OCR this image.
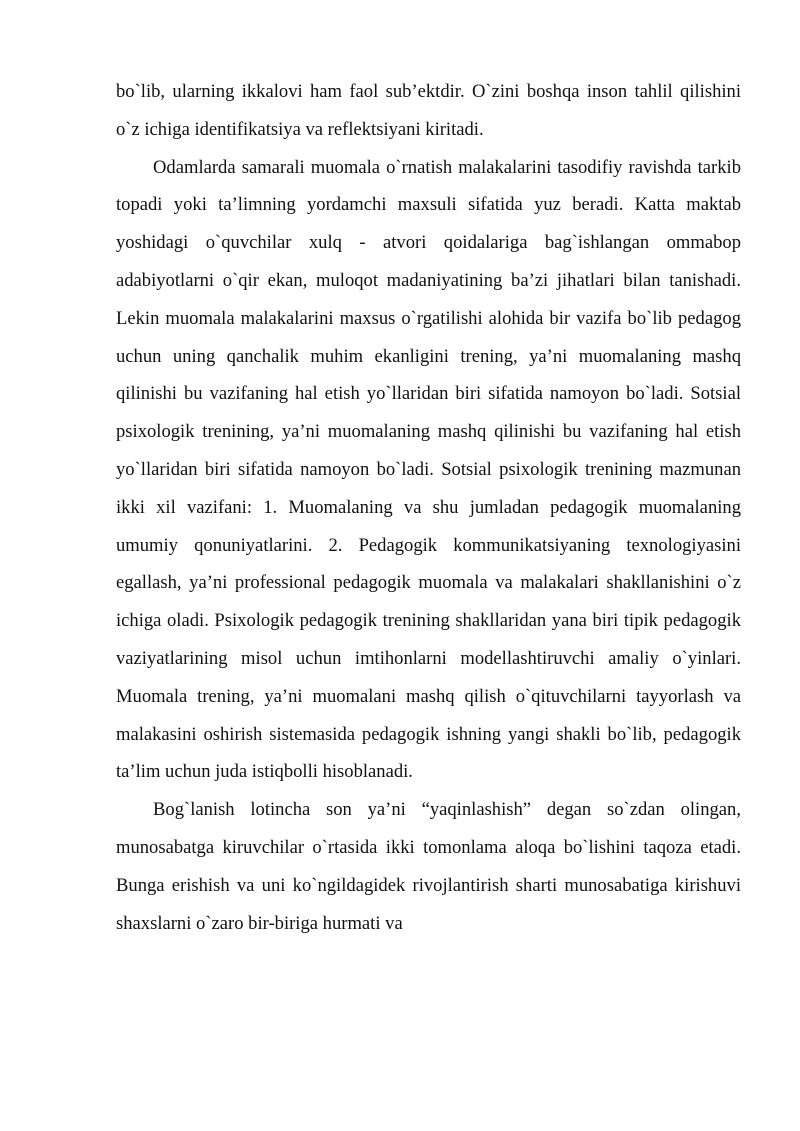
bo`lib, ularning ikkalovi ham faol sub’ektdir. O`zini boshqa inson tahlil qilishini o`z ichiga identifikatsiya va reflektsiyani kiritadi.

Odamlarda samarali muomala o`rnatish malakalarini tasodifiy ravishda tarkib topadi yoki ta’limning yordamchi maxsuli sifatida yuz beradi. Katta maktab yoshidagi o`quvchilar xulq - atvori qoidalariga bag`ishlangan ommabop adabiyotlarni o`qir ekan, muloqot madaniyatining ba’zi jihatlari bilan tanishadi. Lekin muomala malakalarini maxsus o`rgatilishi alohida bir vazifa bo`lib pedagog uchun uning qanchalik muhim ekanligini trening, ya’ni muomalaning mashq qilinishi bu vazifaning hal etish yo`llaridan biri sifatida namoyon bo`ladi. Sotsial psixologik trenining, ya’ni muomalaning mashq qilinishi bu vazifaning hal etish yo`llaridan biri sifatida namoyon bo`ladi. Sotsial psixologik trenining mazmunan ikki xil vazifani: 1. Muomalaning va shu jumladan pedagogik muomalaning umumiy qonuniyatlarini. 2. Pedagogik kommunikatsiyaning texnologiyasini egallash, ya’ni professional pedagogik muomala va malakalari shakllanishini o`z ichiga oladi. Psixologik pedagogik trenining shakllaridan yana biri tipik pedagogik vaziyatlarining misol uchun imtihonlarni modellashtiruvchi amaliy o`yinlari. Muomala trening, ya’ni muomalani mashq qilish o`qituvchilarni tayyorlash va malakasini oshirish sistemasida pedagogik ishning yangi shakli bo`lib, pedagogik ta’lim uchun juda istiqbolli hisoblanadi.

Bog`lanish lotincha son ya’ni “yaqinlashish” degan so`zdan olingan, munosabatga kiruvchilar o`rtasida ikki tomonlama aloqa bo`lishini taqoza etadi. Bunga erishish va uni ko`ngildagidek rivojlantirish sharti munosabatiga kirishuvi shaxslarni o`zaro bir-biriga hurmati va
